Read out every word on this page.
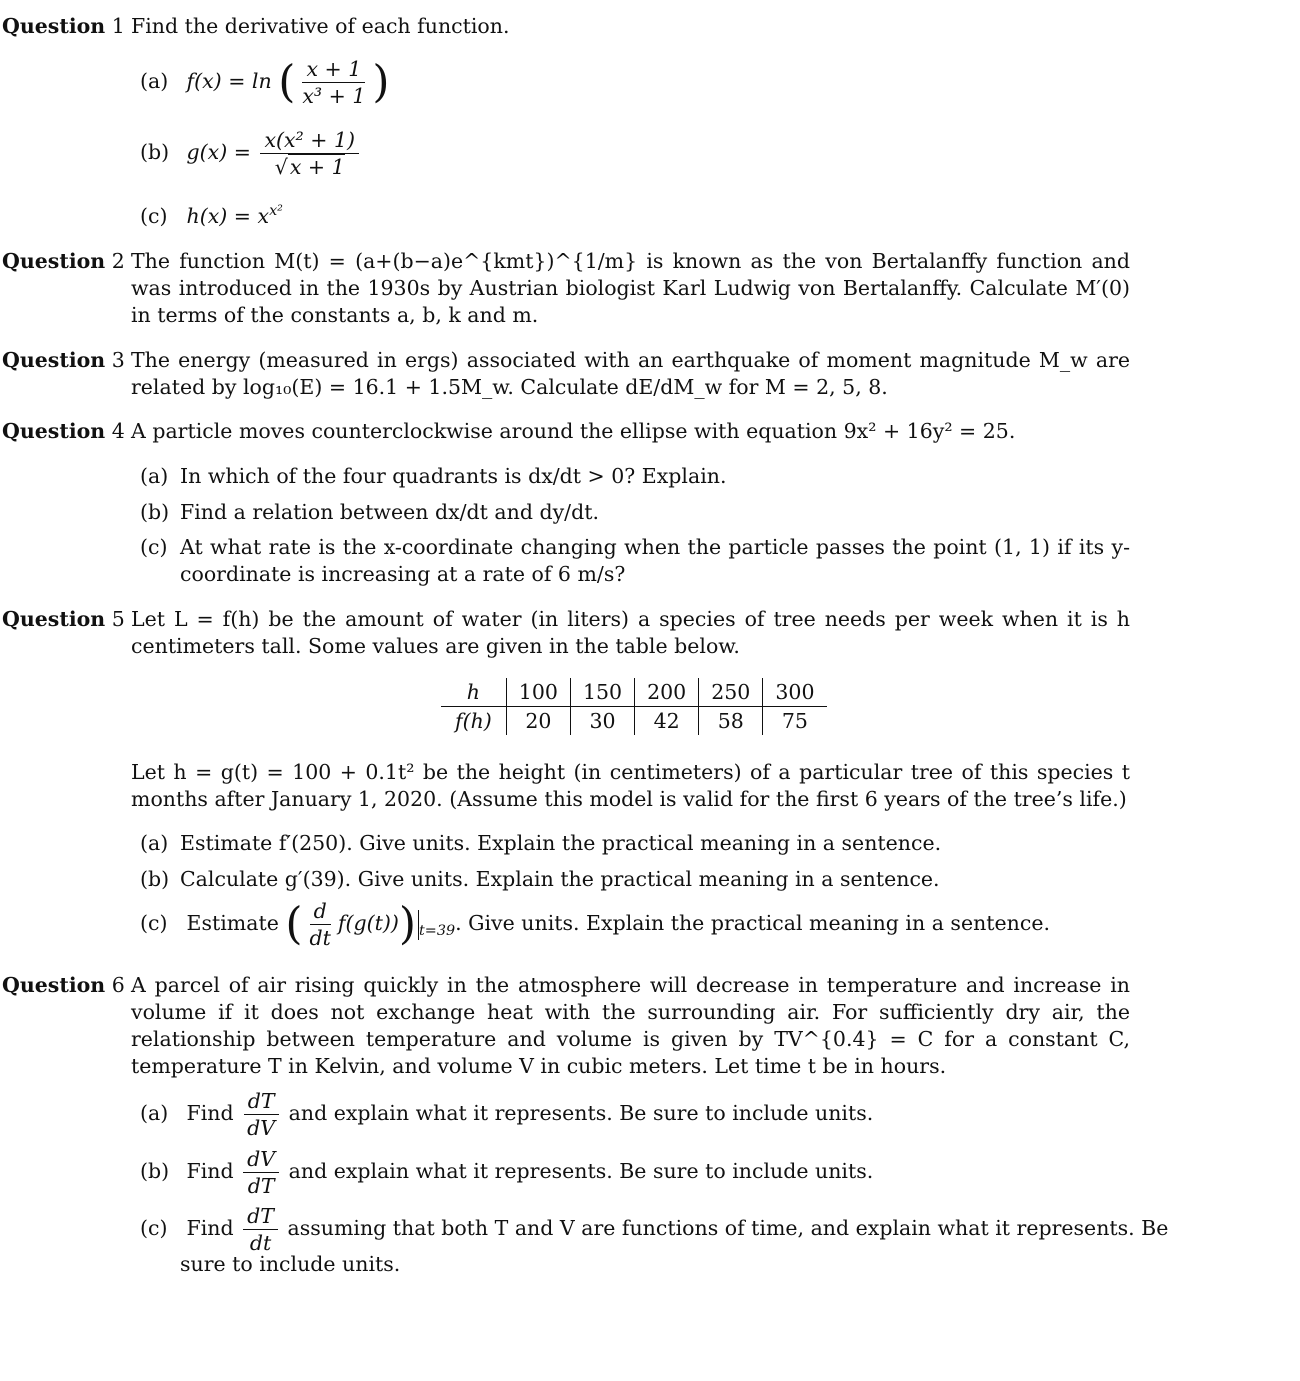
Question 1 Find the derivative of each function.
(a) f(x) = ln ( $\frac{x + 1}{\text{x³ + 1}}$ )
(b) $g(x) = \frac{\text{x(x² + 1)}}{√x + 1}$
(c) $h(x) = x^{x^2}$
Question 2 The function M(t) = (a+(b−a)e^{kmt})^{1/m} is known as the von Bertalanffy function and was introduced in the 1930s by Austrian biologist Karl Ludwig von Bertalanffy. Calculate M′(0) in terms of the constants a, b, k and m.
Question 3 The energy (measured in ergs) associated with an earthquake of moment magnitude M_w are related by log₁₀(E) = 16.1 + 1.5M_w. Calculate dE/dM_w for M = 2, 5, 8.
Question 4 A particle moves counterclockwise around the ellipse with equation 9x² + 16y² = 25.
(a) In which of the four quadrants is dx/dt > 0? Explain.
(b) Find a relation between dx/dt and dy/dt.
(c) At what rate is the x-coordinate changing when the particle passes the point (1, 1) if its y-coordinate is increasing at a rate of 6 m/s?
Question 5 Let L = f(h) be the amount of water (in liters) a species of tree needs per week when it is h centimeters tall. Some values are given in the table below.
h	100	150	200	250	300
f(h)	20	30	42	58	75
Let h = g(t) = 100 + 0.1t² be the height (in centimeters) of a particular tree of this species t months after January 1, 2020. (Assume this model is valid for the first 6 years of the tree’s life.)
(a) Estimate f′(250). Give units. Explain the practical meaning in a sentence.
(b) Calculate g′(39). Give units. Explain the practical meaning in a sentence.
(c) Estimate ( $\frac{d}{dt} f(g(t))$) $_{t=39}$. Give units. Explain the practical meaning in a sentence.
Question 6 A parcel of air rising quickly in the atmosphere will decrease in temperature and increase in volume if it does not exchange heat with the surrounding air. For sufficiently dry air, the relationship between temperature and volume is given by TV^{0.4} = C for a constant C, temperature T in Kelvin, and volume V in cubic meters. Let time t be in hours.
(a) Find $\frac{dT}{dV}$ and explain what it represents. Be sure to include units.
(b) Find $\frac{dV}{dT}$ and explain what it represents. Be sure to include units.
(c) Find $\frac{dT}{dt}$ assuming that both T and V are functions of time, and explain what it represents. Be
sure to include units.
